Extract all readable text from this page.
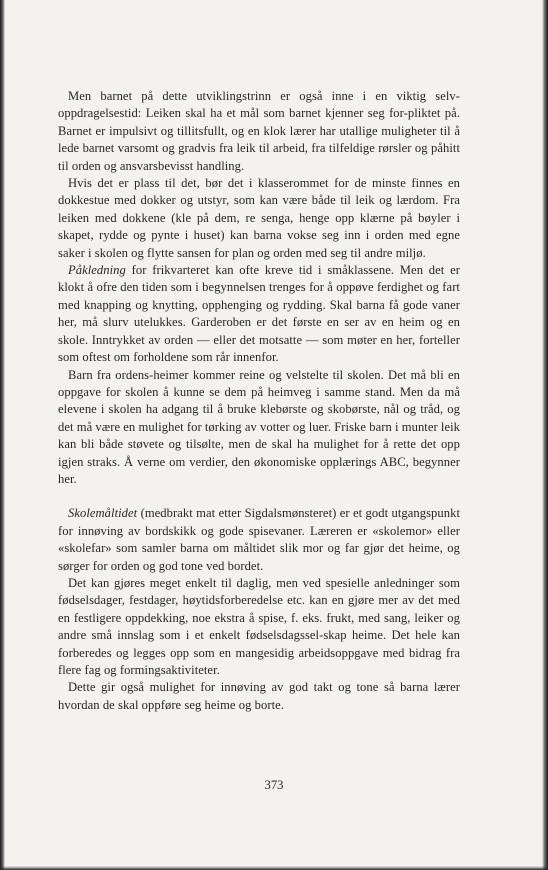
Men barnet på dette utviklingstrinn er også inne i en viktig selv-oppdragelsestid: Leiken skal ha et mål som barnet kjenner seg for-pliktet på. Barnet er impulsivt og tillitsfullt, og en klok lærer har utallige muligheter til å lede barnet varsomt og gradvis fra leik til arbeid, fra tilfeldige rørsler og påhitt til orden og ansvarsbevisst handling.

Hvis det er plass til det, bør det i klasserommet for de minste finnes en dokkestue med dokker og utstyr, som kan være både til leik og lærdom. Fra leiken med dokkene (kle på dem, re senga, henge opp klærne på bøyler i skapet, rydde og pynte i huset) kan barna vokse seg inn i orden med egne saker i skolen og flytte sansen for plan og orden med seg til andre miljø.

Påkledning for frikvarteret kan ofte kreve tid i småklassene. Men det er klokt å ofre den tiden som i begynnelsen trenges for å oppøve ferdighet og fart med knapping og knytting, opphenging og rydding. Skal barna få gode vaner her, må slurv utelukkes. Garderoben er det første en ser av en heim og en skole. Inntrykket av orden — eller det motsatte — som møter en her, forteller som oftest om forholdene som rår innenfor.

Barn fra ordens-heimer kommer reine og velstelte til skolen. Det må bli en oppgave for skolen å kunne se dem på heimveg i samme stand. Men da må elevene i skolen ha adgang til å bruke klebørste og skobørste, nål og tråd, og det må være en mulighet for tørking av votter og luer. Friske barn i munter leik kan bli både støvete og tilsølte, men de skal ha mulighet for å rette det opp igjen straks. Å verne om verdier, den økonomiske opplærings ABC, begynner her.

Skolemåltidet (medbrakt mat etter Sigdalsmønsteret) er et godt utgangspunkt for innøving av bordskikk og gode spisevaner. Læreren er «skolemor» eller «skolefar» som samler barna om måltidet slik mor og far gjør det heime, og sørger for orden og god tone ved bordet.

Det kan gjøres meget enkelt til daglig, men ved spesielle anledninger som fødselsdager, festdager, høytidsforberedelse etc. kan en gjøre mer av det med en festligere oppdekking, noe ekstra å spise, f. eks. frukt, med sang, leiker og andre små innslag som i et enkelt fødselsdagssel-skap heime. Det hele kan forberedes og legges opp som en mangesidig arbeidsoppgave med bidrag fra flere fag og formingsaktiviteter.

Dette gir også mulighet for innøving av god takt og tone så barna lærer hvordan de skal oppføre seg heime og borte.

373
